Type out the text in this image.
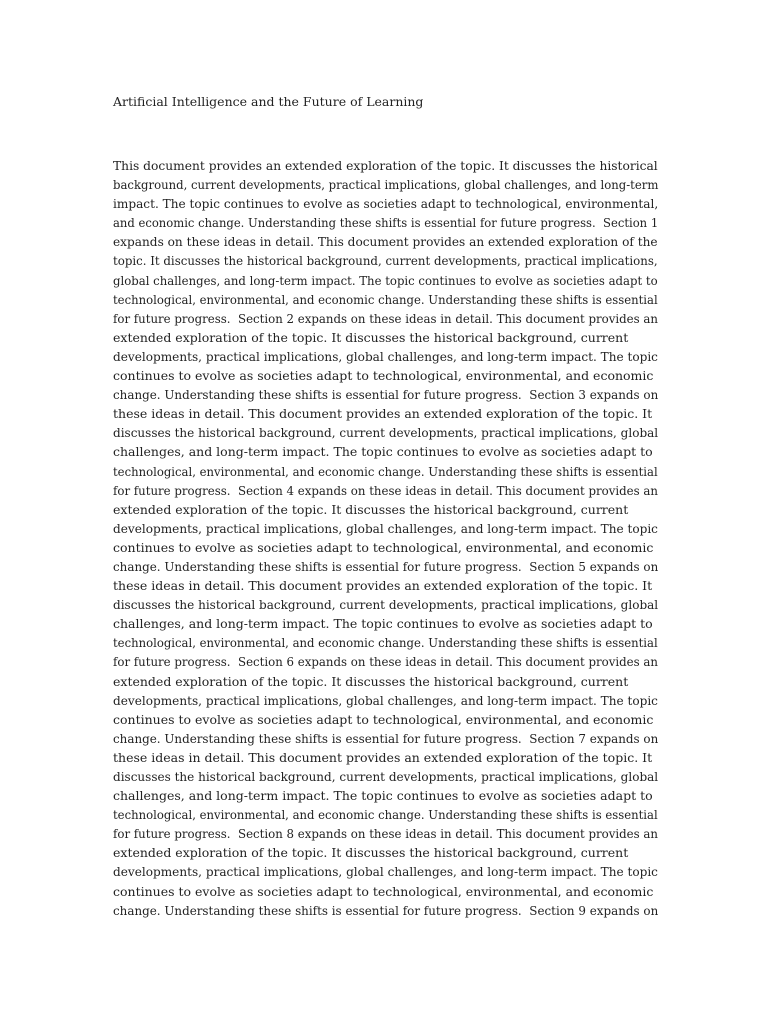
Artificial Intelligence and the Future of Learning
This document provides an extended exploration of the topic. It discusses the historical
background, current developments, practical implications, global challenges, and long-term
impact. The topic continues to evolve as societies adapt to technological, environmental,
and economic change. Understanding these shifts is essential for future progress.  Section 1
expands on these ideas in detail. This document provides an extended exploration of the
topic. It discusses the historical background, current developments, practical implications,
global challenges, and long-term impact. The topic continues to evolve as societies adapt to
technological, environmental, and economic change. Understanding these shifts is essential
for future progress.  Section 2 expands on these ideas in detail. This document provides an
extended exploration of the topic. It discusses the historical background, current
developments, practical implications, global challenges, and long-term impact. The topic
continues to evolve as societies adapt to technological, environmental, and economic
change. Understanding these shifts is essential for future progress.  Section 3 expands on
these ideas in detail. This document provides an extended exploration of the topic. It
discusses the historical background, current developments, practical implications, global
challenges, and long-term impact. The topic continues to evolve as societies adapt to
technological, environmental, and economic change. Understanding these shifts is essential
for future progress.  Section 4 expands on these ideas in detail. This document provides an
extended exploration of the topic. It discusses the historical background, current
developments, practical implications, global challenges, and long-term impact. The topic
continues to evolve as societies adapt to technological, environmental, and economic
change. Understanding these shifts is essential for future progress.  Section 5 expands on
these ideas in detail. This document provides an extended exploration of the topic. It
discusses the historical background, current developments, practical implications, global
challenges, and long-term impact. The topic continues to evolve as societies adapt to
technological, environmental, and economic change. Understanding these shifts is essential
for future progress.  Section 6 expands on these ideas in detail. This document provides an
extended exploration of the topic. It discusses the historical background, current
developments, practical implications, global challenges, and long-term impact. The topic
continues to evolve as societies adapt to technological, environmental, and economic
change. Understanding these shifts is essential for future progress.  Section 7 expands on
these ideas in detail. This document provides an extended exploration of the topic. It
discusses the historical background, current developments, practical implications, global
challenges, and long-term impact. The topic continues to evolve as societies adapt to
technological, environmental, and economic change. Understanding these shifts is essential
for future progress.  Section 8 expands on these ideas in detail. This document provides an
extended exploration of the topic. It discusses the historical background, current
developments, practical implications, global challenges, and long-term impact. The topic
continues to evolve as societies adapt to technological, environmental, and economic
change. Understanding these shifts is essential for future progress.  Section 9 expands on
